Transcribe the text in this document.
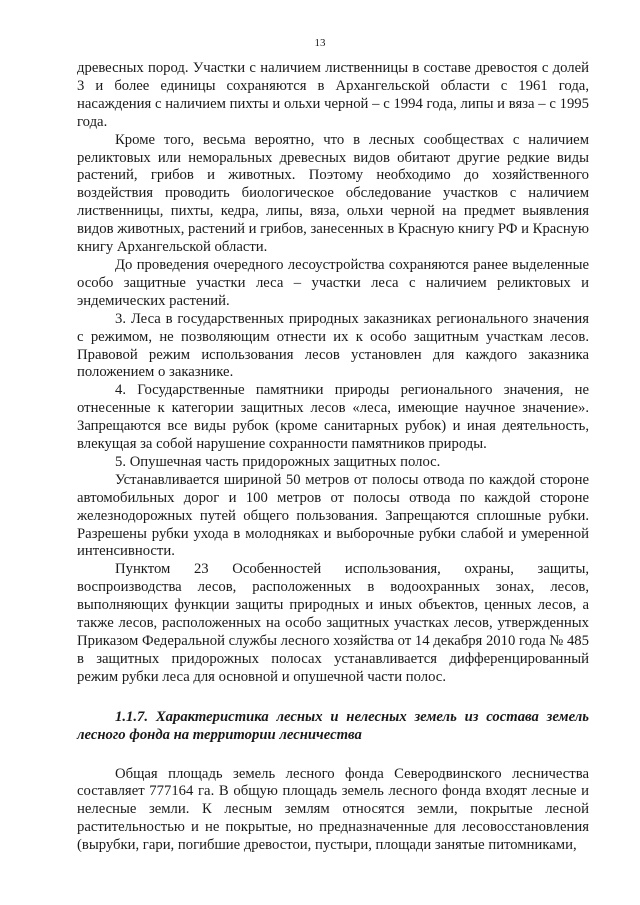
13

древесных пород. Участки с наличием лиственницы в составе древостоя с долей 3 и более единицы сохраняются в Архангельской области с 1961 года, насаждения с наличием пихты и ольхи черной – с 1994 года, липы и вяза – с 1995 года.

Кроме того, весьма вероятно, что в лесных сообществах с наличием реликтовых или неморальных древесных видов обитают другие редкие виды растений, грибов и животных. Поэтому необходимо до хозяйственного воздействия проводить биологическое обследование участков с наличием лиственницы, пихты, кедра, липы, вяза, ольхи черной на предмет выявления видов животных, растений и грибов, занесенных в Красную книгу РФ и Красную книгу Архангельской области.

До проведения очередного лесоустройства сохраняются ранее выделенные особо защитные участки леса – участки леса с наличием реликтовых и эндемических растений.

3. Леса в государственных природных заказниках регионального значения с режимом, не позволяющим отнести их к особо защитным участкам лесов. Правовой режим использования лесов установлен для каждого заказника положением о заказнике.

4. Государственные памятники природы регионального значения, не отнесенные к категории защитных лесов «леса, имеющие научное значение». Запрещаются все виды рубок (кроме санитарных рубок) и иная деятельность, влекущая за собой нарушение сохранности памятников природы.

5. Опушечная часть придорожных защитных полос.

Устанавливается шириной 50 метров от полосы отвода по каждой стороне автомобильных дорог и 100 метров от полосы отвода по каждой стороне железнодорожных путей общего пользования. Запрещаются сплошные рубки. Разрешены рубки ухода в молодняках и выборочные рубки слабой и умеренной интенсивности.

Пунктом 23 Особенностей использования, охраны, защиты, воспроизводства лесов, расположенных в водоохранных зонах, лесов, выполняющих функции защиты природных и иных объектов, ценных лесов, а также лесов, расположенных на особо защитных участках лесов, утвержденных Приказом Федеральной службы лесного хозяйства от 14 декабря 2010 года № 485 в защитных придорожных полосах устанавливается дифференцированный режим рубки леса для основной и опушечной части полос.

1.1.7. Характеристика лесных и нелесных земель из состава земель лесного фонда на территории лесничества

Общая площадь земель лесного фонда Северодвинского лесничества составляет 777164 га. В общую площадь земель лесного фонда входят лесные и нелесные земли. К лесным землям относятся земли, покрытые лесной растительностью и не покрытые, но предназначенные для лесовосстановления (вырубки, гари, погибшие древостои, пустыри, площади занятые питомниками,
